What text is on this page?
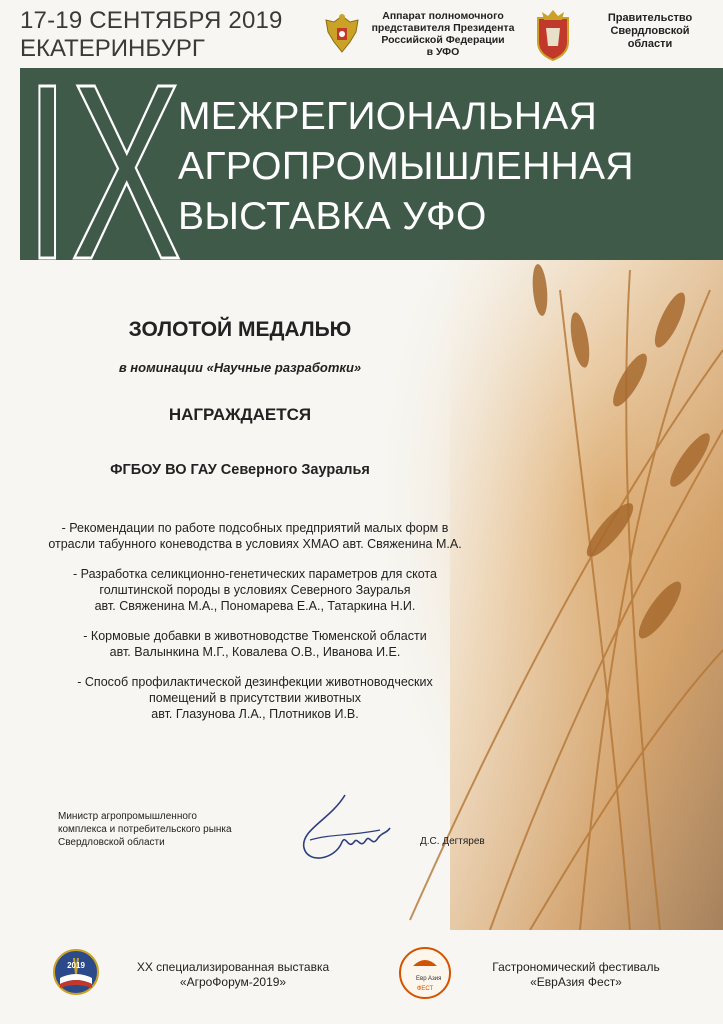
17-19 СЕНТЯБРЯ 2019
ЕКАТЕРИНБУРГ
Аппарат полномочного
представителя Президента
Российской Федерации
в УФО
Правительство
Свердловской
области
IX
МЕЖРЕГИОНАЛЬНАЯ
АГРОПРОМЫШЛЕННАЯ
ВЫСТАВКА УФО
ЗОЛОТОЙ МЕДАЛЬЮ
в номинации «Научные разработки»
НАГРАЖДАЕТСЯ
ФГБОУ ВО ГАУ Северного Зауралья
- Рекомендации по работе подсобных предприятий малых форм в
отрасли табунного коневодства в условиях ХМАО авт. Свяженина М.А.
- Разработка селикционно-генетических параметров для скота
голштинской породы в условиях Северного Зауралья
авт. Свяженина М.А., Пономарева Е.А., Татаркина Н.И.
- Кормовые добавки в животноводстве Тюменской области
авт. Валынкина М.Г., Ковалева О.В., Иванова И.Е.
- Способ профилактической дезинфекции животноводческих
помещений в присутствии животных
авт. Глазунова Л.А., Плотников И.В.
Министр агропромышленного
комплекса и потребительского рынка
Свердловской области	Д.С. Дегтярев
2019	XX специализированная выставка
«АгроФорум-2019»	Евр Азия
ФЕСТ
Гастрономический фестиваль
«ЕврАзия Фест»
